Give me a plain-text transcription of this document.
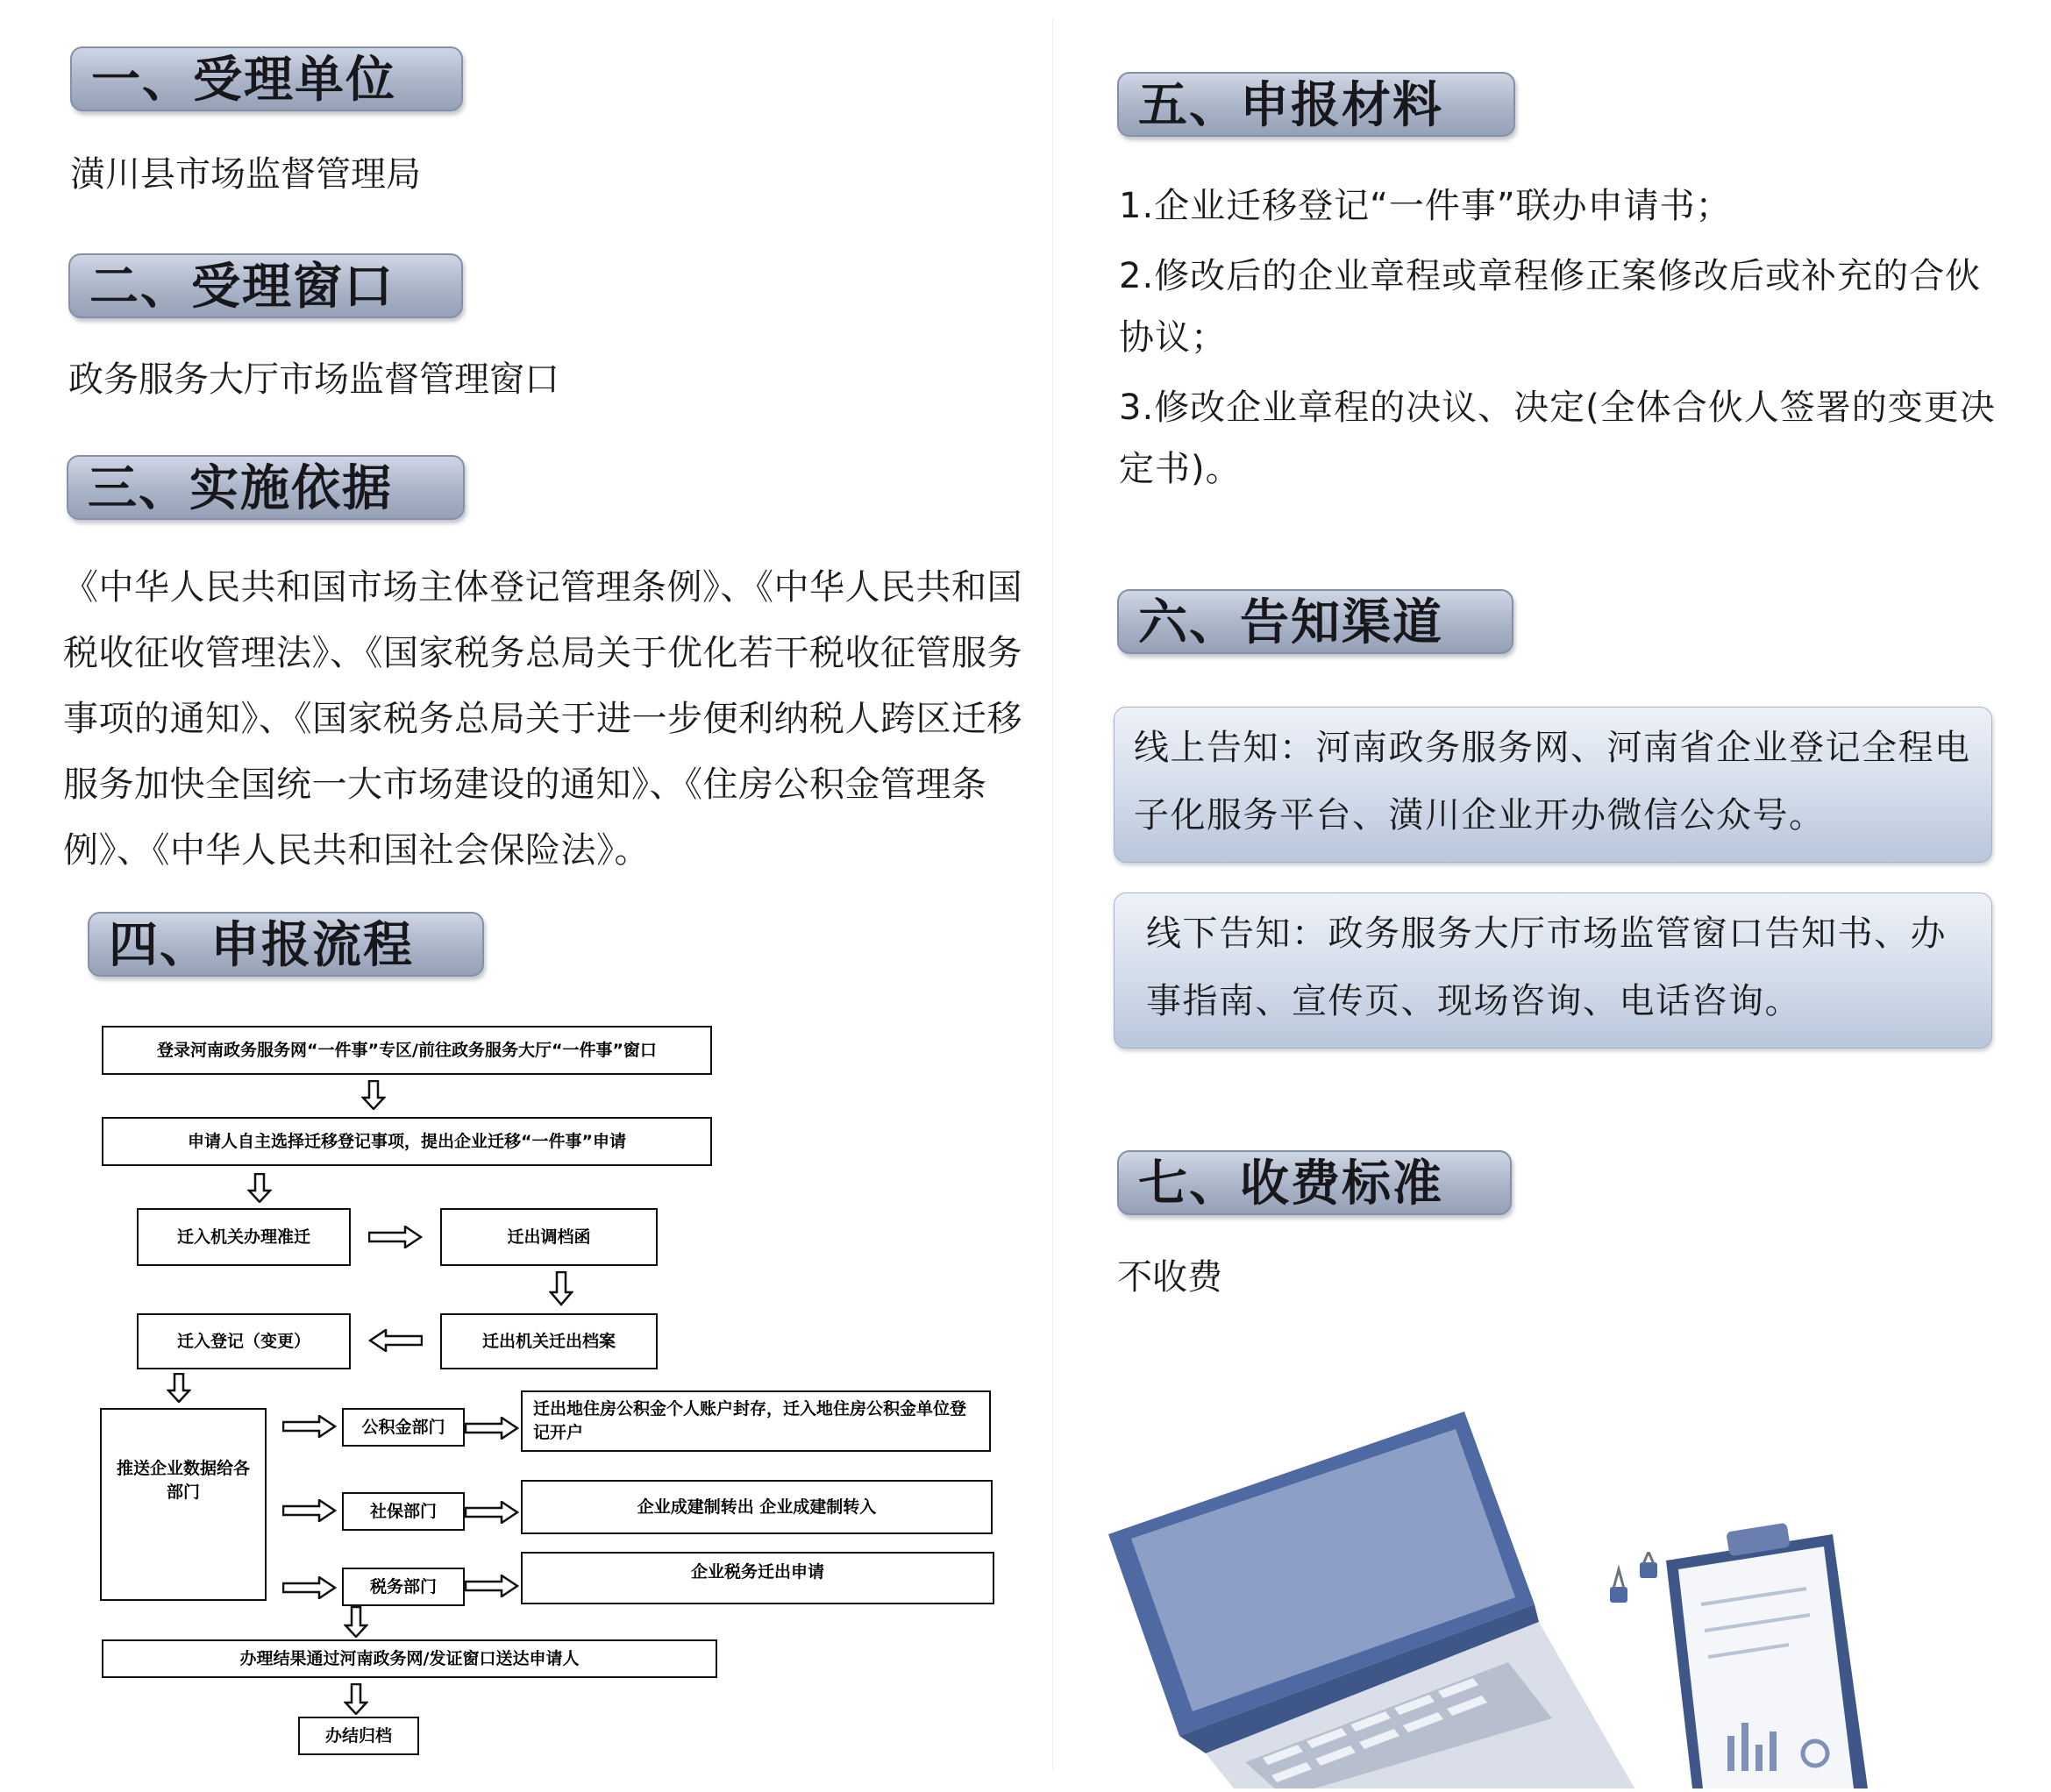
一、受理单位
潢川县市场监督管理局
二、受理窗口
政务服务大厅市场监督管理窗口
三、实施依据
《中华人民共和国市场主体登记管理条例》、《中华人民共和国税收征收管理法》、《国家税务总局关于优化若干税收征管服务事项的通知》、《国家税务总局关于进一步便利纳税人跨区迁移 服务加快全国统一大市场建设的通知》、《住房公积金管理条例》、《中华人民共和国社会保险法》。
四、申报流程
登录河南政务服务网“一件事”专区/前往政务服务大厅“一件事”窗口
申请人自主选择迁移登记事项，提出企业迁移“一件事”申请
迁入机关办理准迁	迁出调档函
迁入登记（变更）	迁出机关迁出档案
推送企业数据给各部门
公积金部门
迁出地住房公积金个人账户封存，迁入地住房公积金单位登记开户
社保部门	企业成建制转出 企业成建制转入
税务部门
企业税务迁出申请
办理结果通过河南政务网/发证窗口送达申请人
办结归档
五、申报材料
1.企业迁移登记“一件事”联办申请书；
2.修改后的企业章程或章程修正案修改后或补充的合伙协议；
3.修改企业章程的决议、决定(全体合伙人签署的变更决定书)。
六、告知渠道
线上告知：河南政务服务网、河南省企业登记全程电子化服务平台、潢川企业开办微信公众号。
线下告知：政务服务大厅市场监管窗口告知书、办事指南、宣传页、现场咨询、电话咨询。
七、收费标准
不收费
